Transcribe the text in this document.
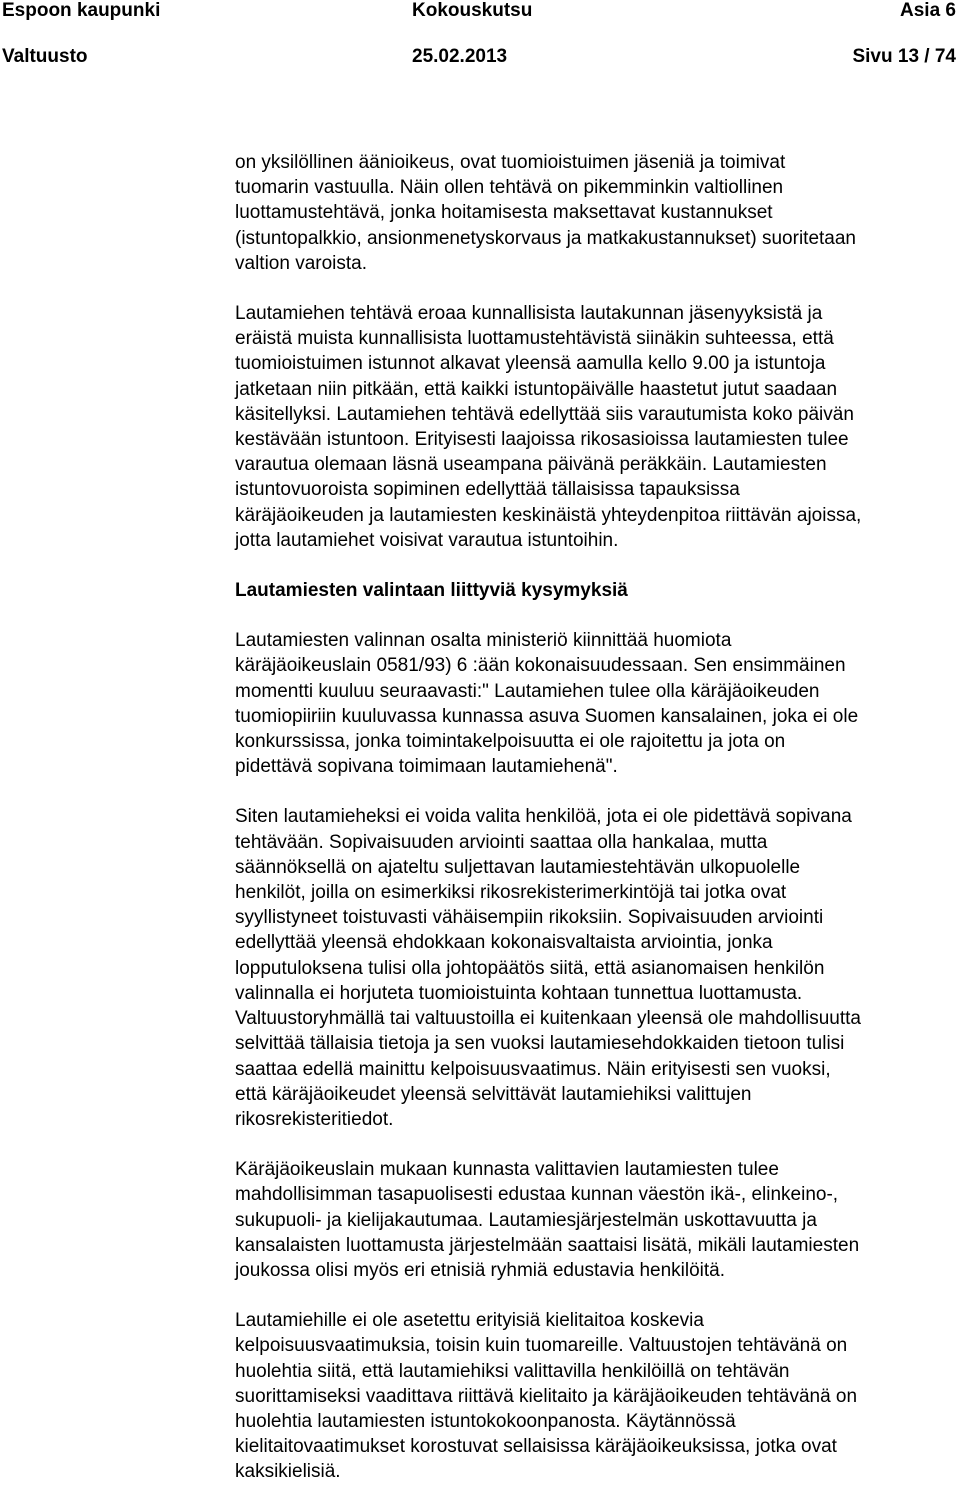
Espoon kaupunki	Kokouskutsu	Asia 6
Valtuusto	25.02.2013	Sivu 13 / 74

on yksilöllinen äänioikeus, ovat tuomioistuimen jäseniä ja toimivat
tuomarin vastuulla. Näin ollen tehtävä on pikemminkin valtiollinen
luottamustehtävä, jonka hoitamisesta maksettavat kustannukset
(istuntopalkkio, ansionmenetyskorvaus ja matkakustannukset) suoritetaan
valtion varoista.

Lautamiehen tehtävä eroaa kunnallisista lautakunnan jäsenyyksistä ja
eräistä muista kunnallisista luottamustehtävistä siinäkin suhteessa, että
tuomioistuimen istunnot alkavat yleensä aamulla kello 9.00 ja istuntoja
jatketaan niin pitkään, että kaikki istuntopäivälle haastetut jutut saadaan
käsitellyksi. Lautamiehen tehtävä edellyttää siis varautumista koko päivän
kestävään istuntoon. Erityisesti laajoissa rikosasioissa lautamiesten tulee
varautua olemaan läsnä useampana päivänä peräkkäin. Lautamiesten
istuntovuoroista sopiminen edellyttää tällaisissa tapauksissa
käräjäoikeuden ja lautamiesten keskinäistä yhteydenpitoa riittävän ajoissa,
jotta lautamiehet voisivat varautua istuntoihin.

Lautamiesten valintaan liittyviä kysymyksiä

Lautamiesten valinnan osalta ministeriö kiinnittää huomiota
käräjäoikeuslain 0581/93) 6 :ään kokonaisuudessaan. Sen ensimmäinen
momentti kuuluu seuraavasti:" Lautamiehen tulee olla käräjäoikeuden
tuomiopiiriin kuuluvassa kunnassa asuva Suomen kansalainen, joka ei ole
konkurssissa, jonka toimintakelpoisuutta ei ole rajoitettu ja jota on
pidettävä sopivana toimimaan lautamiehenä".

Siten lautamieheksi ei voida valita henkilöä, jota ei ole pidettävä sopivana
tehtävään. Sopivaisuuden arviointi saattaa olla hankalaa, mutta
säännöksellä on ajateltu suljettavan lautamiestehtävän ulkopuolelle
henkilöt, joilla on esimerkiksi rikosrekisterimerkintöjä tai jotka ovat
syyllistyneet toistuvasti vähäisempiin rikoksiin. Sopivaisuuden arviointi
edellyttää yleensä ehdokkaan kokonaisvaltaista arviointia, jonka
lopputuloksena tulisi olla johtopäätös siitä, että asianomaisen henkilön
valinnalla ei horjuteta tuomioistuinta kohtaan tunnettua luottamusta.
Valtuustoryhmällä tai valtuustoilla ei kuitenkaan yleensä ole mahdollisuutta
selvittää tällaisia tietoja ja sen vuoksi lautamiesehdokkaiden tietoon tulisi
saattaa edellä mainittu kelpoisuusvaatimus. Näin erityisesti sen vuoksi,
että käräjäoikeudet yleensä selvittävät lautamiehiksi valittujen
rikosrekisteritiedot.

Käräjäoikeuslain mukaan kunnasta valittavien lautamiesten tulee
mahdollisimman tasapuolisesti edustaa kunnan väestön ikä-, elinkeino-,
sukupuoli- ja kielijakautumaa. Lautamiesjärjestelmän uskottavuutta ja
kansalaisten luottamusta järjestelmään saattaisi lisätä, mikäli lautamiesten
joukossa olisi myös eri etnisiä ryhmiä edustavia henkilöitä.

Lautamiehille ei ole asetettu erityisiä kielitaitoa koskevia
kelpoisuusvaatimuksia, toisin kuin tuomareille. Valtuustojen tehtävänä on
huolehtia siitä, että lautamiehiksi valittavilla henkilöillä on tehtävän
suorittamiseksi vaadittava riittävä kielitaito ja käräjäoikeuden tehtävänä on
huolehtia lautamiesten istuntokokoonpanosta. Käytännössä
kielitaitovaatimukset korostuvat sellaisissa käräjäoikeuksissa, jotka ovat
kaksikielisiä.
